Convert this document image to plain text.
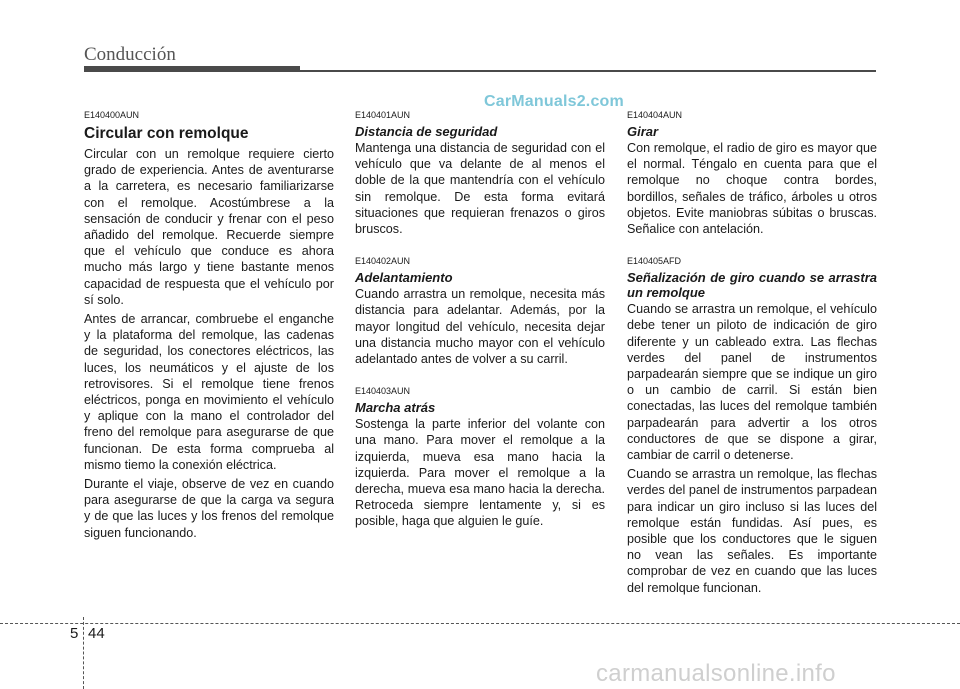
Conducción
CarManuals2.com

E140400AUN

Circular con remolque

Circular con un remolque requiere cierto grado de experiencia. Antes de aventurarse a la carretera, es necesario familiarizarse con el remolque. Acostúmbrese a la sensación de conducir y frenar con el peso añadido del remolque. Recuerde siempre que el vehículo que conduce es ahora mucho más largo y tiene bastante menos capacidad de respuesta que el vehículo por sí solo.

Antes de arrancar, combruebe el enganche y la plataforma del remolque, las cadenas de seguridad, los conectores eléctricos, las luces, los neumáticos y el ajuste de los retrovisores. Si el remolque tiene frenos eléctricos, ponga en movimiento el vehículo y aplique con la mano el controlador del freno del remolque para asegurarse de que funcionan. De esta forma comprueba al mismo tiemo la conexión eléctrica.

Durante el viaje, observe de vez en cuando para asegurarse de que la carga va segura y de que las luces y los frenos del remolque siguen funcionando.

E140401AUN

Distancia de seguridad

Mantenga una distancia de seguridad con el vehículo que va delante de al menos el doble de la que mantendría con el vehículo sin remolque. De esta forma evitará situaciones que requieran frenazos o giros bruscos.

E140402AUN

Adelantamiento

Cuando arrastra un remolque, necesita más distancia para adelantar. Además, por la mayor longitud del vehículo, necesita dejar una distancia mucho mayor con el vehículo adelantado antes de volver a su carril.

E140403AUN

Marcha atrás

Sostenga la parte inferior del volante con una mano. Para mover el remolque a la izquierda, mueva esa mano hacia la izquierda. Para mover el remolque a la derecha, mueva esa mano hacia la derecha. Retroceda siempre lentamente y, si es posible, haga que alguien le guíe.

E140404AUN

Girar

Con remolque, el radio de giro es mayor que el normal. Téngalo en cuenta para que el remolque no choque contra bordes, bordillos, señales de tráfico, árboles u otros objetos. Evite maniobras súbitas o bruscas. Señalice con antelación.

E140405AFD

Señalización de giro cuando se arrastra un remolque

Cuando se arrastra un remolque, el vehículo debe tener un piloto de indicación de giro diferente y un cableado extra. Las flechas verdes del panel de instrumentos parpadearán siempre que se indique un giro o un cambio de carril. Si están bien conectadas, las luces del remolque también parpadearán para advertir a los otros conductores de que se dispone a girar, cambiar de carril o detenerse.

Cuando se arrastra un remolque, las flechas verdes del panel de instrumentos parpadean para indicar un giro incluso si las luces del remolque están fundidas. Así pues, es posible que los conductores que le siguen no vean las señales. Es importante comprobar de vez en cuando que las luces del remolque funcionan.

5 44
carmanualsonline.info
